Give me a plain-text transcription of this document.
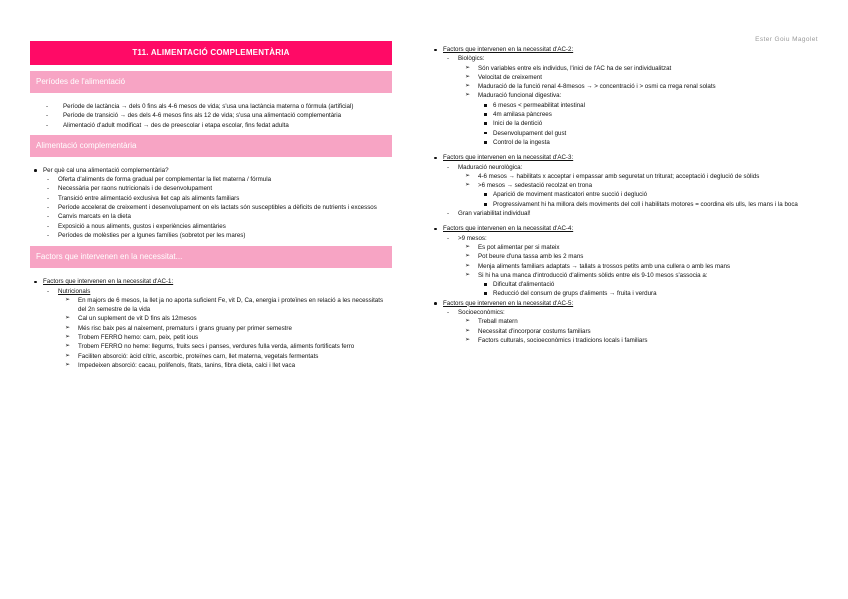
Ester Goiu Magolet
T11. ALIMENTACIÓ COMPLEMENTÀRIA
Períodes de l'alimentació
- Període de lactància → dels 0 fins als 4-6 mesos de vida; s'usa una lactància materna o fórmula (artificial)
- Període de transició → des dels 4-6 mesos fins als 12 de vida; s'usa una alimentació complementària
- Alimentació d'adult modificat → des de preescolar i etapa escolar, fins fedat adulta
Alimentació complementària
Per què cal una alimentació complementària?
- Oferta d'aliments de forma gradual per complementar la llet materna / fórmula
- Necessària per raons nutricionals i de desenvolupament
- Transició entre alimentació exclusiva llet cap als aliments familiars
- Període accelerat de creixement i desenvolupament on els lactats són susceptibles a dèficits de nutrients i excessos
- Canvis marcats en la dieta
- Exposició a nous aliments, gustos i experiències alimentàries
- Períodes de molèsties per a lgunes famílies (sobretot per les mares)
Factors que intervenen en la necessitat...
Factors que intervenen en la necessitat d'AC-1:
- Nutricionals
➢ En majors de 6 mesos, la llet ja no aporta suficient Fe, vit D, Ca, energia i proteïnes en relació a les necessitats del 2n semestre de la vida
➢ Cal un suplement de vit D fins als 12mesos
➢ Més risc baix pes al naixement, prematurs i grans gruany per primer semestre
➢ Trobem FERRO hemo: carn, peix, petit ious
➢ Trobem FERRO no heme: llegums, fruits secs i panses, verdures fulla verda, aliments fortificats ferro
➢ Faciliten absorció: àcid cítric, ascorbic, proteïnes carn, llet materna, vegetals fermentats
➢ Impedeixen absorció: cacau, polifenols, fitats, tanins, fibra dieta, calci i llet vaca
Factors que intervenen en la necessitat d'AC-2:
- Biològics:
➢ Són variables entre els individus, l'inici de l'AC ha de ser individualitzat
➢ Velocitat de creixement
➢ Maduració de la funció renal 4-8mesos → > concentració i > osmi ca rrega renal solats
➢ Maduració funcional digestiva:
6 mesos < permeabilitat intestinal
4m amilasa pàncrees
Inici de la dentició
Desenvolupament del gust
Control de la ingesta
Factors que intervenen en la necessitat d'AC-3:
- Maduració neurològica:
➢ 4-6 mesos → habilitats x acceptar i empassar amb seguretat un triturat; acceptació i deglució de sòlids
➢ >6 mesos → sedestació recolzat en trona
Aparició de moviment masticatori entre succió i deglució
Progressivament hi ha millora dels moviments del coll i habilitats motores = coordina els ulls, les mans i la boca
- Gran variabilitat individual!
Factors que intervenen en la necessitat d'AC-4:
- >9 mesos:
➢ Es pot alimentar per si mateix
➢ Pot beure d'una tassa amb les 2 mans
➢ Menja aliments familiars adaptats → tallats a trossos petits amb una cullera o amb les mans
➢ Si hi ha una manca d'introducció d'aliments sòlids entre els 9-10 mesos s'associa a:
Dificultat d'alimentació
Reducció del consum de grups d'aliments → fruita i verdura
Factors que intervenen en la necessitat d'AC-5:
- Socioeconòmics:
➢ Treball matern
➢ Necessitat d'incorporar costums familiars
➢ Factors culturals, socioeconòmics i tradicions locals i familiars
